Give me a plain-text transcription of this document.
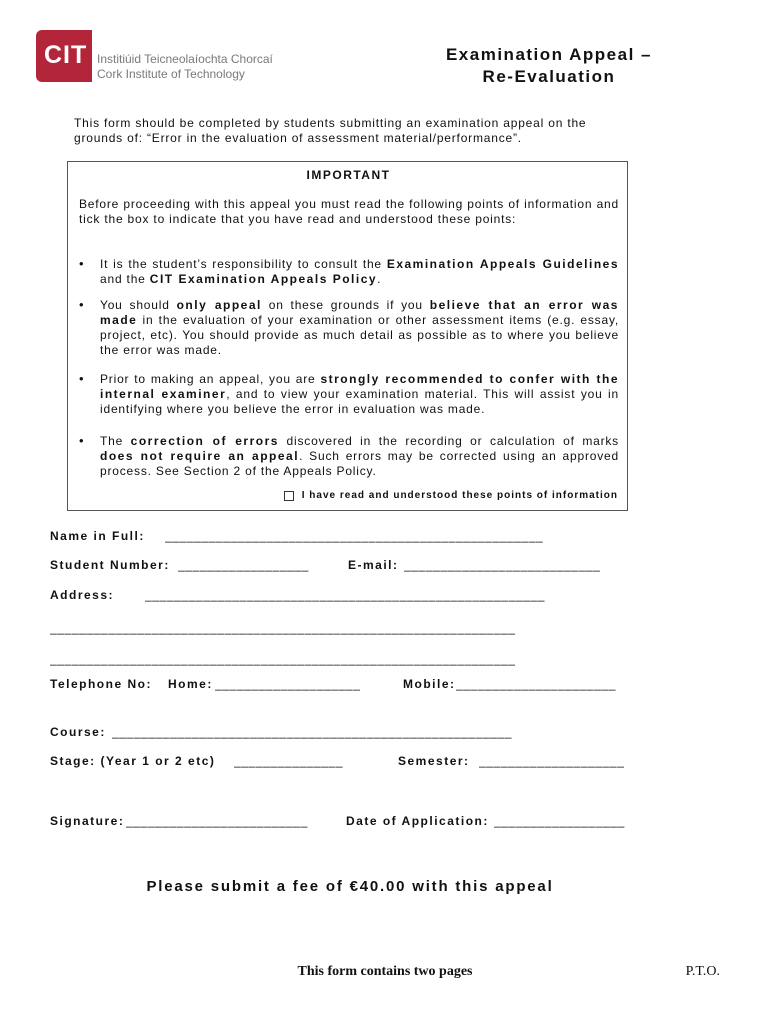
CIT Institiúid Teicneolaíochta Chorcaí
Cork Institute of Technology
Examination Appeal –
Re-Evaluation
This form should be completed by students submitting an examination appeal on the grounds of: “Error in the evaluation of assessment material/performance”.
IMPORTANT
Before proceeding with this appeal you must read the following points of information and tick the box to indicate that you have read and understood these points:
• It is the student’s responsibility to consult the Examination Appeals Guidelines and the CIT Examination Appeals Policy.
• You should only appeal on these grounds if you believe that an error was made in the evaluation of your examination or other assessment items (e.g. essay, project, etc). You should provide as much detail as possible as to where you believe the error was made.
• Prior to making an appeal, you are strongly recommended to confer with the internal examiner, and to view your examination material. This will assist you in identifying where you believe the error in evaluation was made.
• The correction of errors discovered in the recording or calculation of marks does not require an appeal. Such errors may be corrected using an approved process. See Section 2 of the Appeals Policy.
I have read and understood these points of information
Name in Full: ____________________________________________________
Student Number: __________________	E-mail: ___________________________
Address:	_______________________________________________________
________________________________________________________________
________________________________________________________________
Telephone No: Home: ____________________	Mobile: ______________________
Course: _______________________________________________________
Stage: (Year 1 or 2 etc) _______________	Semester: ____________________
Signature: _________________________	Date of Application: __________________
Please submit a fee of €40.00 with this appeal
This form contains two pages	P.T.O.
